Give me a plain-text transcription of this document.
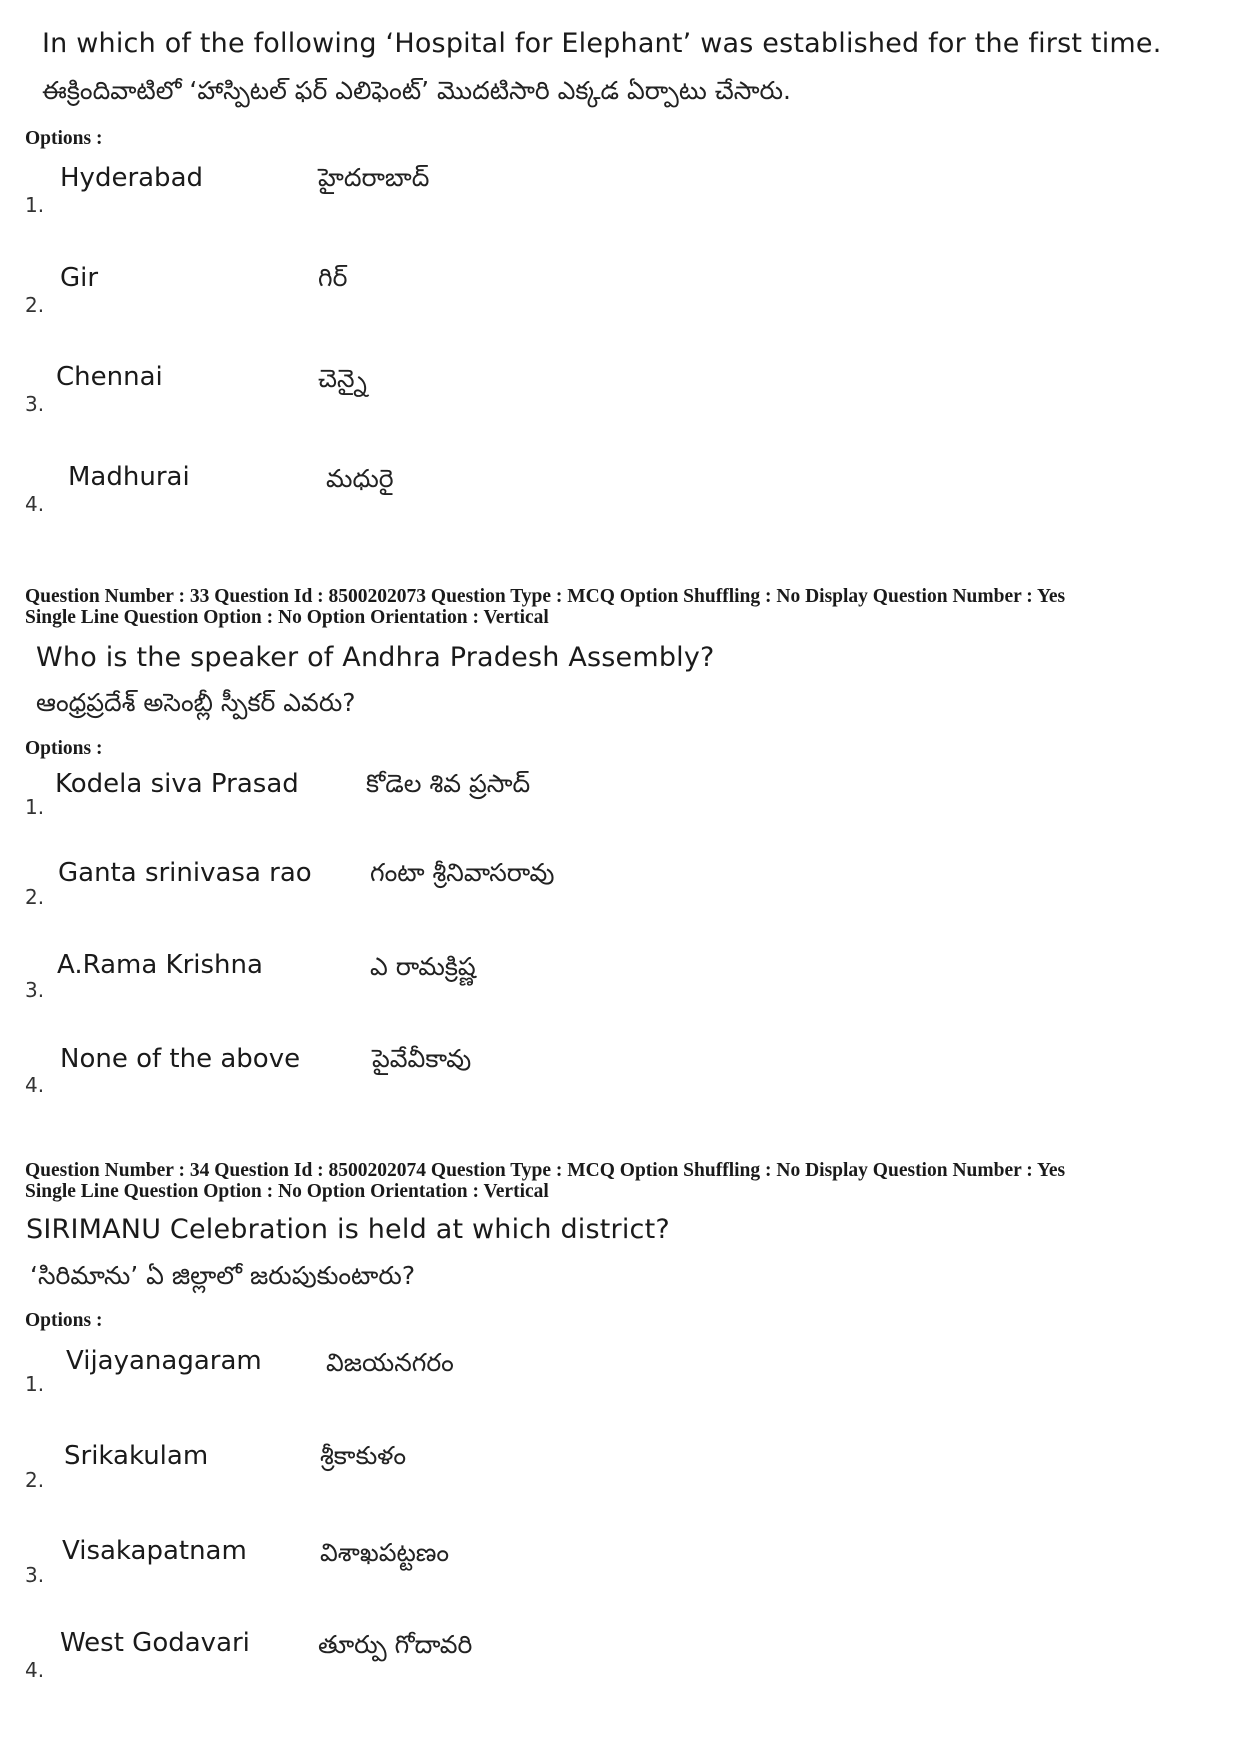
In which of the following ‘Hospital for Elephant’ was established for the first time.
ఈక్రిందివాటిలో ‘హాస్పిటల్ ఫర్ ఎలిఫెంట్’ మొదటిసారి ఎక్కడ ఏర్పాటు చేసారు.
Options :
1.
Hyderabad	హైదరాబాద్
2.
Gir	గిర్
3.
Chennai	చెన్నై
4.
Madhurai	మధురై
Question Number : 33 Question Id : 8500202073 Question Type : MCQ Option Shuffling : No Display Question Number : Yes
Single Line Question Option : No Option Orientation : Vertical
Who is the speaker of Andhra Pradesh Assembly?
ఆంధ్రప్రదేశ్ అసెంబ్లీ స్పీకర్ ఎవరు?
Options :
1.
Kodela siva Prasad	కోడెల శివ ప్రసాద్
2.
Ganta srinivasa rao గంటా శ్రీనివాసరావు
3.
A.Rama Krishna	ఎ రామక్రిష్ణ
4.
None of the above	పైవేవీకావు
Question Number : 34 Question Id : 8500202074 Question Type : MCQ Option Shuffling : No Display Question Number : Yes
Single Line Question Option : No Option Orientation : Vertical
SIRIMANU Celebration is held at which district?
‘సిరిమాను’ ఏ జిల్లాలో జరుపుకుంటారు?
Options :
1.
Vijayanagaram	విజయనగరం
2.
Srikakulam	శ్రీకాకుళం
3.
Visakapatnam	విశాఖపట్టణం
4.
West Godavari	తూర్పు గోదావరి
